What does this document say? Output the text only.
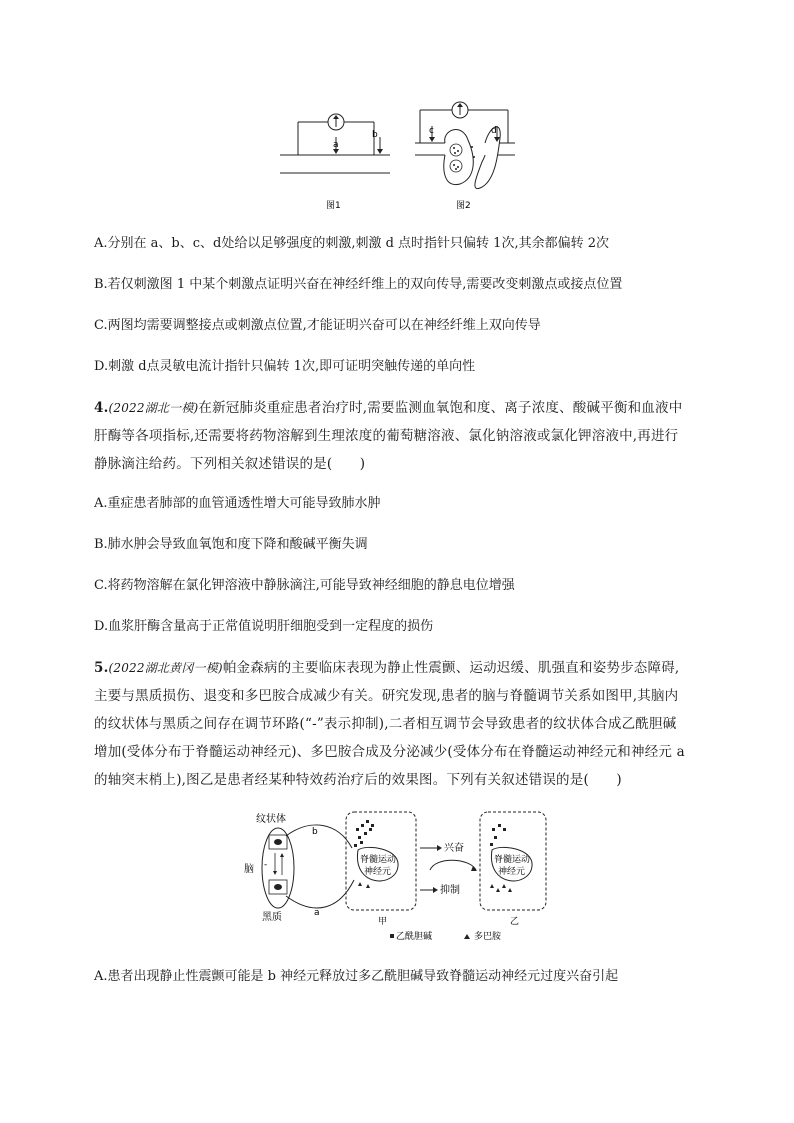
a
b
图1
c	d
图2
A.分别在 a、b、c、d处给以足够强度的刺激,刺激 d 点时指针只偏转 1次,其余都偏转 2次
B.若仅刺激图 1 中某个刺激点证明兴奋在神经纤维上的双向传导,需要改变刺激点或接点位置
C.两图均需要调整接点或刺激点位置,才能证明兴奋可以在神经纤维上双向传导
D.刺激 d点灵敏电流计指针只偏转 1次,即可证明突触传递的单向性
4.(2022湖北一模)在新冠肺炎重症患者治疗时,需要监测血氧饱和度、离子浓度、酸碱平衡和血液中
肝酶等各项指标,还需要将药物溶解到生理浓度的葡萄糖溶液、氯化钠溶液或氯化钾溶液中,再进行
静脉滴注给药。下列相关叙述错误的是(　　)
A.重症患者肺部的血管通透性增大可能导致肺水肿
B.肺水肿会导致血氧饱和度下降和酸碱平衡失调
C.将药物溶解在氯化钾溶液中静脉滴注,可能导致神经细胞的静息电位增强
D.血浆肝酶含量高于正常值说明肝细胞受到一定程度的损伤
5.(2022湖北黄冈一模)帕金森病的主要临床表现为静止性震颤、运动迟缓、肌强直和姿势步态障碍,
主要与黑质损伤、退变和多巴胺合成减少有关。研究发现,患者的脑与脊髓调节关系如图甲,其脑内
的纹状体与黑质之间存在调节环路(“-”表示抑制),二者相互调节会导致患者的纹状体合成乙酰胆碱
增加(受体分布于脊髓运动神经元)、多巴胺合成及分泌减少(受体分布在脊髓运动神经元和神经元 a
的轴突末梢上),图乙是患者经某种特效药治疗后的效果图。下列有关叙述错误的是(　　)
纹状体
脑
黑质
-
b
a
脊髓运动
神经元
甲
兴奋
抑制
脊髓运动
神经元
乙
乙酰胆碱	多巴胺
A.患者出现静止性震颤可能是 b 神经元释放过多乙酰胆碱导致脊髓运动神经元过度兴奋引起
